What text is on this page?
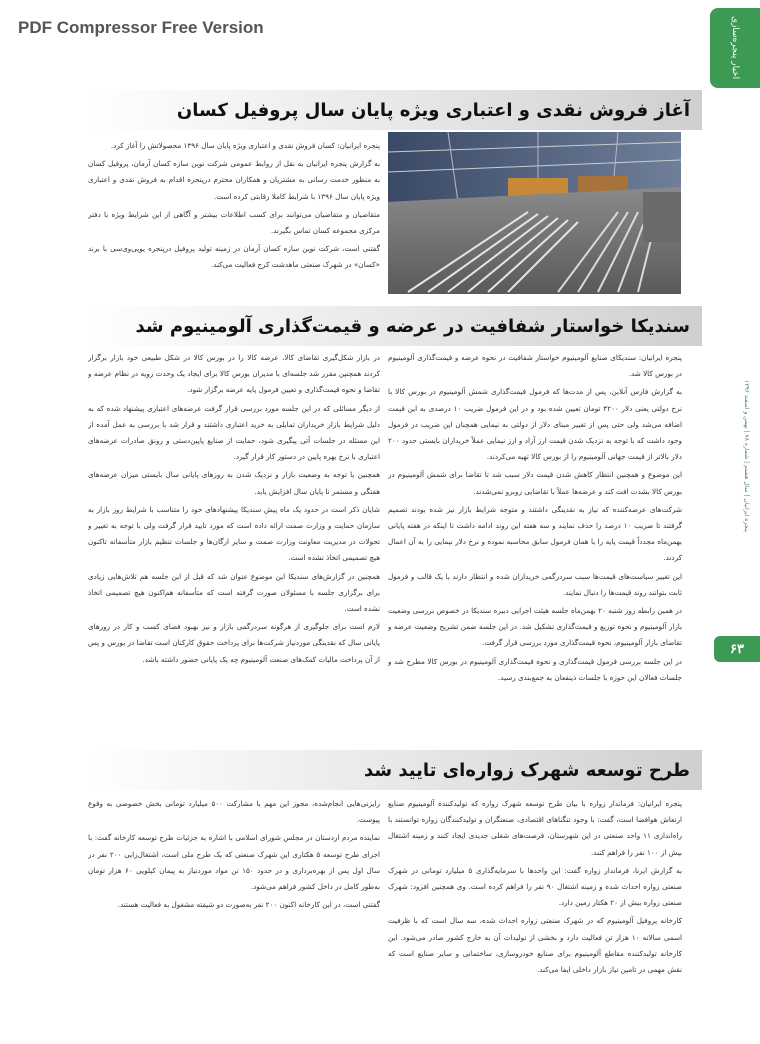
PDF Compressor Free Version	اخبار پنجره‌سازی
پنجره ایرانیان | سال هشتم | شماره ۷۸ | بهمن و اسفند ۱۳۹۶
۶۳
آغاز فروش نقدی و اعتباری ویژه پایان سال پروفیل کسان

پنجره ایرانیان: کسان فروش نقدی و اعتباری ویژه پایان سال ۱۳۹۶ محصولاتش را آغاز کرد.

به گزارش پنجره ایرانیان به نقل از روابط عمومی شرکت نوین سازه کسان آرمان، پروفیل کسان به منظور خدمت رسانی به مشتریان و همکاران محترم درپنجره اقدام به فروش نقدی و اعتباری ویژه پایان سال ۱۳۹۶ با شرایط کاملا رقابتی کرده است.

متقاضیان و متقاضیان می‌توانند برای کسب اطلاعات بیشتر و آگاهی از این شرایط ویژه با دفتر مرکزی مجموعه کسان تماس بگیرند.

گفتنی است، شرکت نوین سازه کسان آرمان در زمینه تولید پروفیل درپنجره یوپی‌وی‌سی با برند «کسان» در شهرک صنعتی ماهدشت کرج فعالیت می‌کند.

سندیکا خواستار شفافیت در عرضه و قیمت‌گذاری آلومینیوم شد

پنجره ایرانیان: سندیکای صنایع آلومینیوم خواستار شفافیت در نحوه عرضه و قیمت‌گذاری آلومینیوم در بورس کالا شد.

به گزارش فارس آنلاین، پس از مدت‌ها که فرمول قیمت‌گذاری شمش آلومینیوم در بورس کالا با نرخ دولتی یعنی دلار ۴۲۰۰ تومان تعیین شده بود و در این فرمول ضریب ۱۰ درصدی به این قیمت اضافه می‌شد ولی حتی پس از تغییر مبنای دلار از دولتی به نیمایی همچنان این ضریب در فرمول وجود داشت که با توجه به نزدیک شدن قیمت ارز آزاد و ارز نیمایی عملاً خریداران بایستی حدود ۲۰۰ دلار بالاتر از قیمت جهانی آلومینیوم را از بورس کالا تهیه می‌کردند.

این موضوع و همچنین انتظار کاهش شدن قیمت دلار سبب شد تا تقاضا برای شمش آلومینیوم در بورس کالا بشدت افت کند و عرضه‌ها عملاً با تقاضایی روبرو نمی‌شدند.

شرکت‌های عرضه‌کننده که نیاز به نقدینگی داشتند و متوجه شرایط بازار نیز شده بودند تصمیم گرفتند تا ضریب ۱۰ درصد را حذف نمایند و سه هفته این روند ادامه داشت تا اینکه در هفته پایانی بهمن‌ماه مجدداً قیمت پایه را با همان فرمول سابق محاسبه نموده و نرخ دلار نیمایی را به آن اعمال کردند.

این تغییر سیاست‌های قیمت‌ها سبب سردرگمی خریداران شده و انتظار دارند با یک قالب و فرمول ثابت بتوانند روند قیمت‌ها را دنبال نمایند.

در همین رابطه روز شنبه ۲۰ بهمن‌ماه جلسه هیئت‌ اجرایی دبیره سندیکا در خصوص بررسی وضعیت بازار آلومینیوم و نحوه توزیع و قیمت‌گذاری تشکیل شد. در این جلسه ضمن تشریح وضعیت عرضه و تقاضای بازار آلومینیوم، نحوه قیمت‌گذاری مورد بررسی قرار گرفت.

در این جلسه بررسی فرمول قیمت‌گذاری و نحوه قیمت‌گذاری آلومینیوم در بورس کالا مطرح شد و جلسات فعالان این حوزه با جلسات ذینفعان به جمع‌بندی رسید.

در بازار شکل‌گیری تقاضای کالا، عرضه کالا را در بورس کالا در شکل طبیعی خود بازار برگزار کردند همچنین مقرر شد جلسه‌ای با مدیران بورس کالا برای ایجاد یک وحدت رویه در نظام عرضه و تقاضا و نحوه قیمت‌گذاری و تعیین فرمول پایه عرضه برگزار شود.

از دیگر مسائلی که در این جلسه مورد بررسی قرار گرفت عرضه‌های اعتباری پیشنهاد شده که به دلیل شرایط بازار خریداران تمایلی به خرید اعتباری داشتند و قرار شد با بررسی به عمل آمده از این مسئله در جلسات آتی پیگیری شود، حمایت از صنایع پایین‌دستی و رونق صادرات عرضه‌های اعتباری با نرخ بهره پایین در دستور کار قرار گیرد.

همچنین با توجه به وضعیت بازار و نزدیک شدن به روزهای پایانی سال بایستی میزان عرضه‌های هفتگی و مستمر تا پایان سال افزایش یابد.

شایان ذکر است در حدود یک ماه پیش سندیکا پیشنهادهای خود را متناسب با شرایط روز بازار به سازمان حمایت و وزارت صمت ارائه داده است که مورد تایید قرار گرفت ولی با توجه به تغییر و تحولات در مدیریت معاونت وزارت صمت و سایر ارگان‌ها و جلسات تنظیم بازار متأسفانه تاکنون هیچ تصمیمی اتخاذ نشده است.

همچنین در گزارش‌های سندیکا این موضوع عنوان شد که قبل از این جلسه هم تلاش‌هایی زیادی برای برگزاری جلسه با مسئولان صورت گرفته است که متأسفانه هم‌اکنون هیچ تصمیمی اتخاذ نشده است.

لازم است برای جلوگیری از هرگونه سردرگمی بازار و نیز بهبود فضای کسب و کار در روزهای پایانی سال که نقدینگی موردنیاز شرکت‌ها برای پرداخت حقوق کارکنان است تقاضا در بورس و پس از آن پرداخت مالیات کمک‌های صنعت آلومینیوم چه یک پایانی حضور داشته باشد.

طرح توسعه شهرک زواره‌ای تایید شد

پنجره ایرانیان: فرماندار زواره با بیان طرح توسعه شهرک زواره که تولیدکننده آلومینیوم صنایع ارتعاش هوافضا است، گفت: با وجود تنگناهای اقتصادی، صنعتگران و تولیدکنندگان زواره توانستند با راه‌اندازی ۱۱ واحد صنعتی در این شهرستان، فرصت‌های شغلی جدیدی ایجاد کنند و زمینه اشتغال بیش از ۱۰۰ نفر را فراهم کنند.

به گزارش ایرنا، فرماندار زواره گفت: این واحدها با سرمایه‌گذاری ۵ میلیارد تومانی در شهرک صنعتی زواره احداث شده و زمینه اشتغال ۹۰ نفر را فراهم کرده است. وی همچنین افزود: شهرک صنعتی زواره بیش از ۲۰ هکتار زمین دارد.

کارخانه پروفیل آلومینیوم که در شهرک صنعتی زواره احداث شده، سه سال است که با ظرفیت اسمی سالانه ۱۰ هزار تن فعالیت دارد و بخشی از تولیدات آن به خارج کشور صادر می‌شود. این کارخانه تولیدکننده مقاطع آلومینیوم برای صنایع خودروسازی، ساختمانی و سایر صنایع است که نقش مهمی در تامین نیاز بازار داخلی ایفا می‌کند.

رایزنی‌هایی انجام‌شده، مجوز این مهم با مشارکت ۵۰۰ میلیارد تومانی بخش خصوصی به وقوع پیوست.

نماینده مردم اردستان در مجلس شورای اسلامی با اشاره به جزئیات طرح توسعه کارخانه گفت: با اجرای طرح توسعه ۵ هکتاری این شهرک صنعتی که یک طرح ملی است، اشتغال‌زایی ۲۰۰ نفر در سال اول پس از بهره‌برداری و در حدود ۱۵۰ تن مواد موردنیاز به پیمان کیلویی ۶۰ هزار تومان به‌طور کامل در داخل کشور فراهم می‌شود.

گفتنی است، در این کارخانه اکنون ۲۰۰ نفر به‌صورت دو شیفته مشغول به فعالیت هستند.
